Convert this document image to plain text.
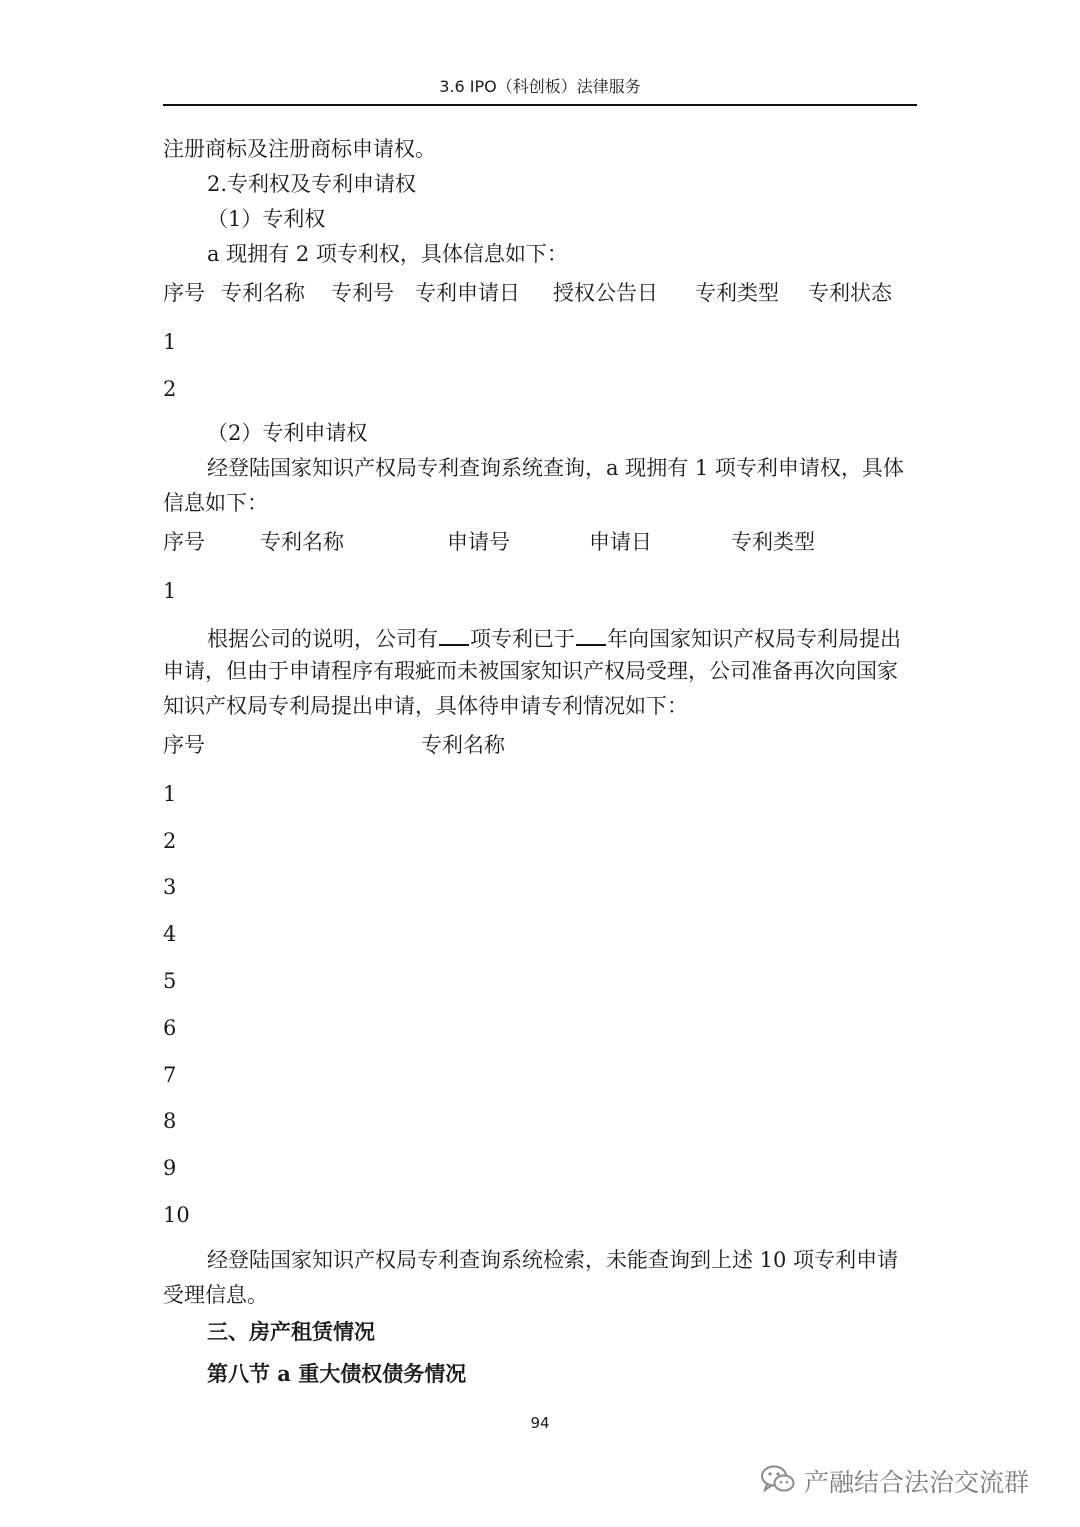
3.6 IPO（科创板）法律服务
注册商标及注册商标申请权。
2.专利权及专利申请权
（1）专利权
a 现拥有 2 项专利权，具体信息如下：
序号 专利名称 专利号 专利申请日 授权公告日 专利类型 专利状态
1
2
（2）专利申请权
经登陆国家知识产权局专利查询系统查询，a 现拥有 1 项专利申请权，具体
信息如下：
序号	专利名称	申请号	申请日	专利类型
1
根据公司的说明，公司有 项专利已于 年向国家知识产权局专利局提出
申请，但由于申请程序有瑕疵而未被国家知识产权局受理，公司准备再次向国家
知识产权局专利局提出申请，具体待申请专利情况如下：
序号	专利名称
1
2
3
4
5
6
7
8
9
10
经登陆国家知识产权局专利查询系统检索，未能查询到上述 10 项专利申请
受理信息。
三、房产租赁情况
第八节 a 重大债权债务情况
94
产融结合法治交流群
